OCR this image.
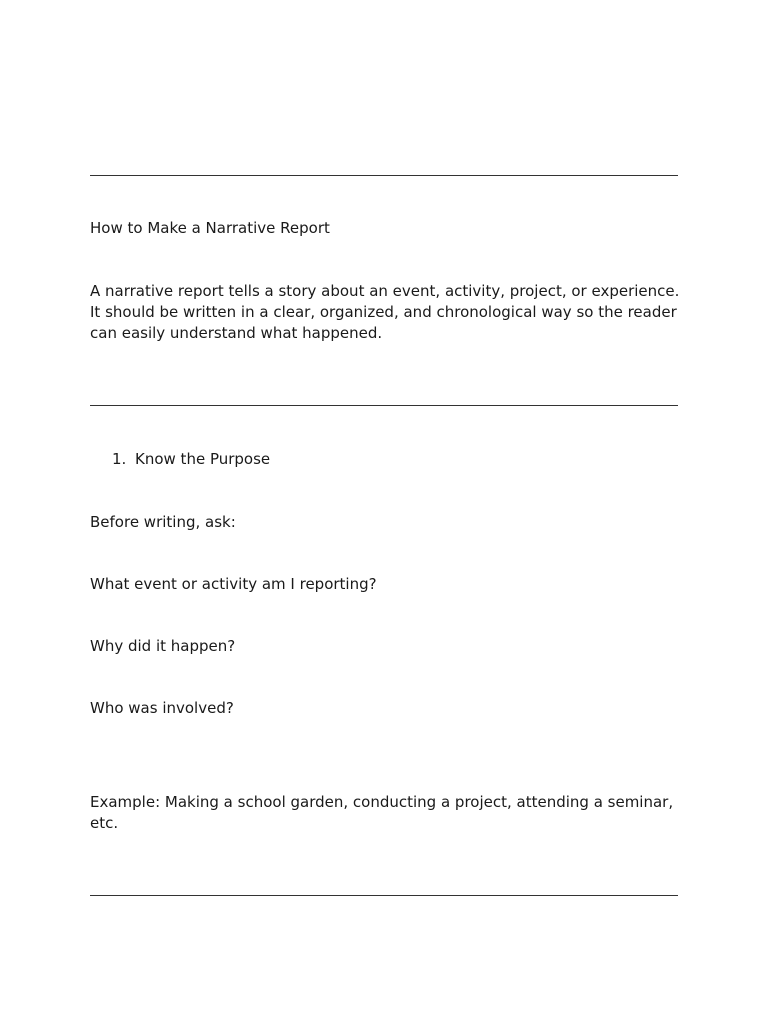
How to Make a Narrative Report

A narrative report tells a story about an event, activity, project, or experience. It should be written in a clear, organized, and chronological way so the reader can easily understand what happened.

1. Know the Purpose

Before writing, ask:

What event or activity am I reporting?

Why did it happen?

Who was involved?

Example: Making a school garden, conducting a project, attending a seminar, etc.
